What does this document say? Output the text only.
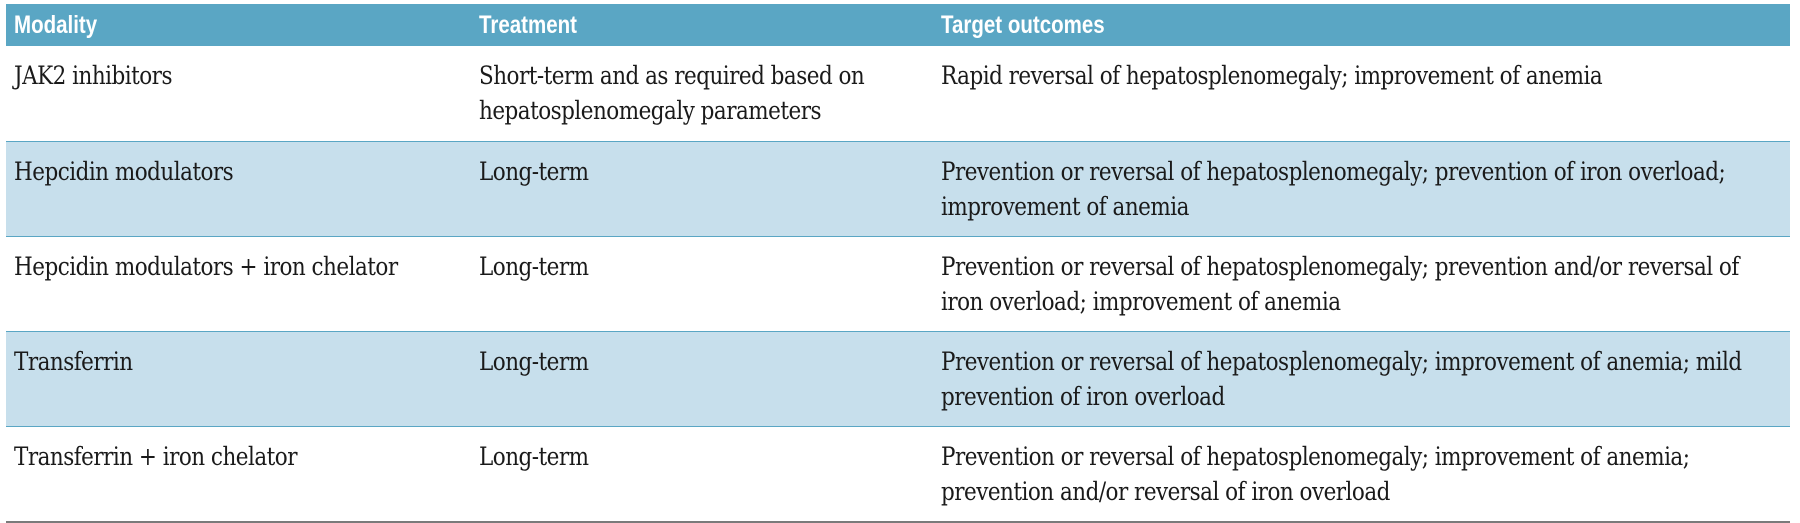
Modality	Treatment	Target outcomes
JAK2 inhibitors	Short-term and as required based on hepatosplenomegaly parameters	Rapid reversal of hepatosplenomegaly; improvement of anemia
Hepcidin modulators	Long-term	Prevention or reversal of hepatosplenomegaly; prevention of iron overload; improvement of anemia
Hepcidin modulators + iron chelator	Long-term	Prevention or reversal of hepatosplenomegaly; prevention and/or reversal of iron overload; improvement of anemia
Transferrin	Long-term	Prevention or reversal of hepatosplenomegaly; improvement of anemia; mild prevention of iron overload
Transferrin + iron chelator	Long-term	Prevention or reversal of hepatosplenomegaly; improvement of anemia; prevention and/or reversal of iron overload
